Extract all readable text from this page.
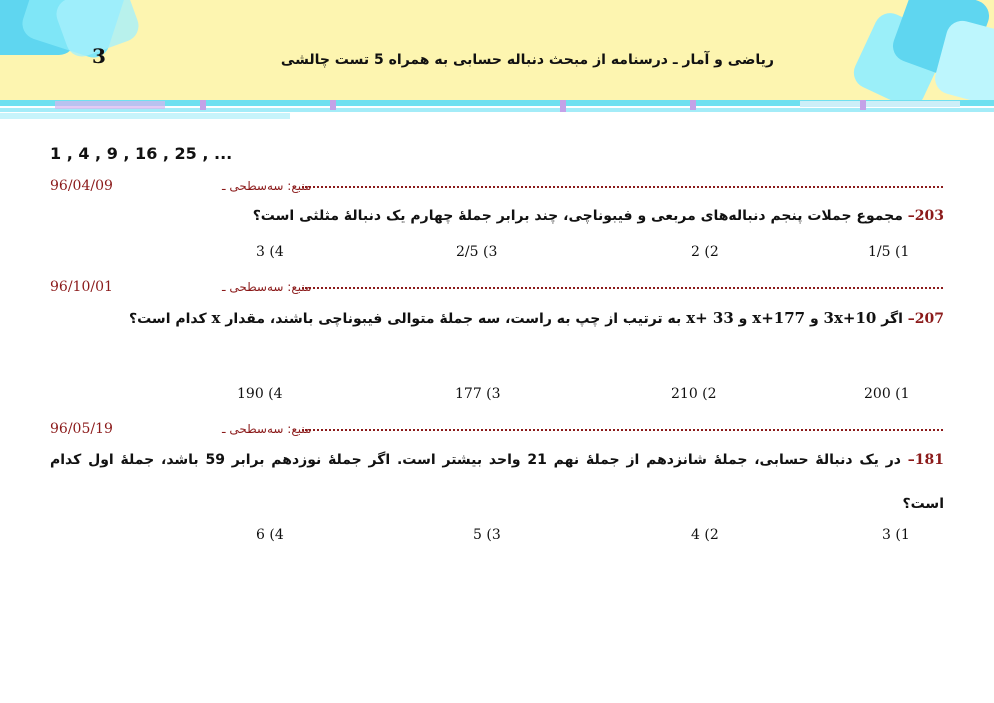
3	ریاضی و آمار ـ درسنامه از مبحث دنباله حسابی به همراه 5 تست چالشی
1 , 4 , 9 , 16 , 25 , ...
96/04/09	منبع: سه‌سطحی ـ
203– مجموع جملات پنجم دنباله‌های مربعی و فیبوناچی، چند برابر جملهٔ چهارم یک دنبالهٔ مثلثی است؟
1/5 (1
2 (2
2/5 (3
3 (4
96/10/01	منبع: سه‌سطحی ـ
207– اگر 3x+10 و x+177 و x+ 33 به ترتیب از چپ به راست، سه جملهٔ متوالی فیبوناچی باشند، مقدار x کدام است؟
200 (1
210 (2
177 (3
190 (4
96/05/19	منبع: سه‌سطحی ـ
181– در یک دنبالهٔ حسابی، جملهٔ شانزدهم از جملهٔ نهم 21 واحد بیشتر است. اگر جملهٔ نوزدهم برابر 59 باشد، جملهٔ اول کدام است؟
3 (1
4 (2
5 (3
6 (4
